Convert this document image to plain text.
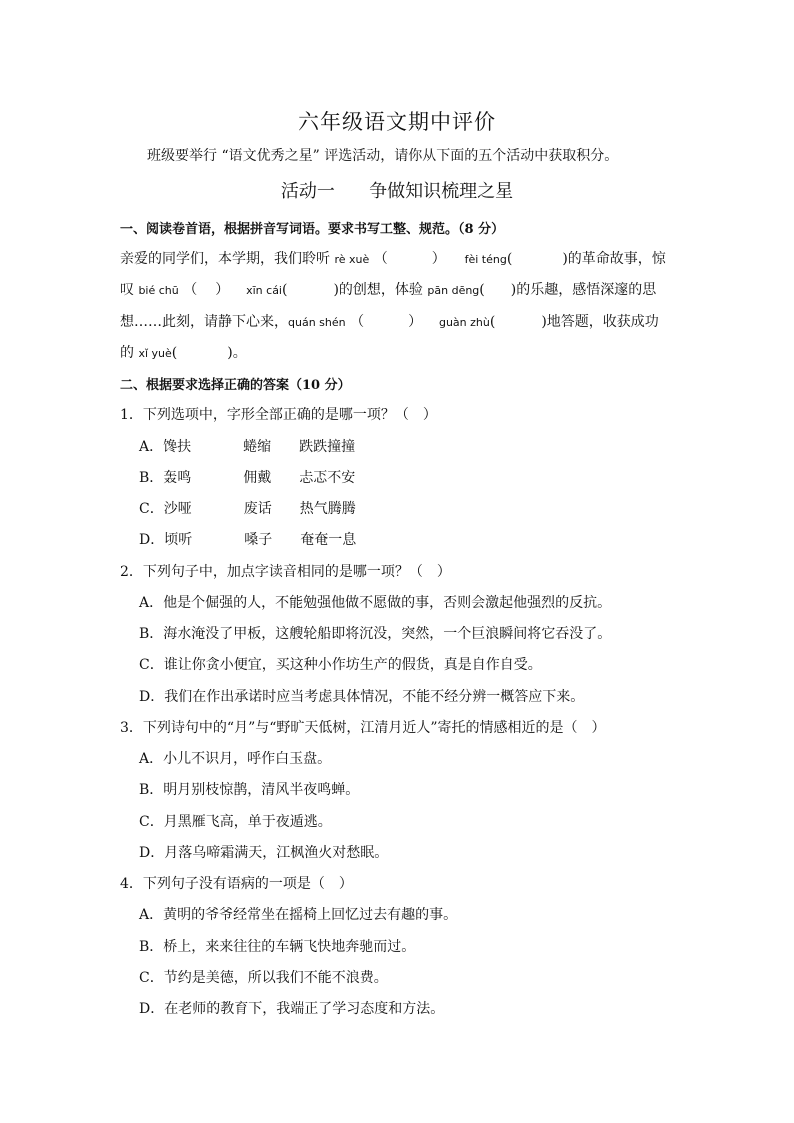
六年级语文期中评价
班级要举行 “语文优秀之星” 评选活动，请你从下面的五个活动中获取积分。
活动一 争做知识梳理之星
一、阅读卷首语，根据拼音写词语。要求书写工整、规范。（8 分）
亲爱的同学们，本学期，我们聆听 rè xuè （	） fèi téng(	)的革命故事，惊
叹 bié chū （ ） xīn cái(	)的创想，体验 pān dēng( )的乐趣，感悟深邃的思
想……此刻，请静下心来，quán shén （	） guàn zhù(	)地答题，收获成功
的 xǐ yuè(	)。
二、根据要求选择正确的答案（10 分）
1．下列选项中，字形全部正确的是哪一项？（　）
A．馋扶	蜷缩 跌跌撞撞
B．轰鸣	佣戴 忐忑不安
C．沙哑	废话 热气腾腾
D．顷听	嗓子 奄奄一息
2．下列句子中，加点字读音相同的是哪一项？（　）
A．他是个倔强的人，不能勉强他做不愿做的事，否则会激起他强烈的反抗。
B．海水淹没了甲板，这艘轮船即将沉没，突然，一个巨浪瞬间将它吞没了。
C．谁让你贪小便宜，买这种小作坊生产的假货，真是自作自受。
D．我们在作出承诺时应当考虑具体情况，不能不经分辨一概答应下来。
3．下列诗句中的“月”与“野旷天低树，江清月近人”寄托的情感相近的是（　）
A．小儿不识月，呼作白玉盘。
B．明月别枝惊鹊，清风半夜鸣蝉。
C．月黑雁飞高，单于夜遁逃。
D．月落乌啼霜满天，江枫渔火对愁眠。
4．下列句子没有语病的一项是（　）
A．黄明的爷爷经常坐在摇椅上回忆过去有趣的事。
B．桥上，来来往往的车辆飞快地奔驰而过。
C．节约是美德，所以我们不能不浪费。
D．在老师的教育下，我端正了学习态度和方法。
